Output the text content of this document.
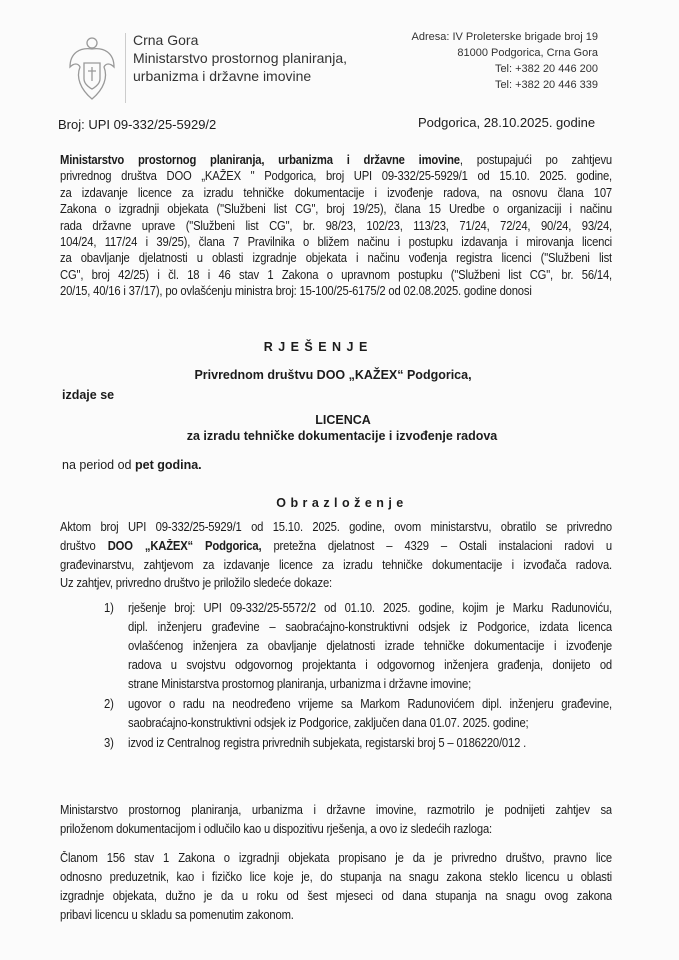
Crna Gora
Ministarstvo prostornog planiranja,
urbanizma i državne imovine
Adresa: IV Proleterske brigade broj 19
81000 Podgorica, Crna Gora
Tel: +382 20 446 200
Tel: +382 20 446 339
Broj: UPI 09-332/25-5929/2	Podgorica, 28.10.2025. godine
Ministarstvo prostornog planiranja, urbanizma i državne imovine, postupajući po zahtjevu
privrednog društva DOO „KAŽEX " Podgorica, broj UPI 09-332/25-5929/1 od 15.10. 2025. godine,
za izdavanje licence za izradu tehničke dokumentacije i izvođenje radova, na osnovu člana 107
Zakona o izgradnji objekata ("Službeni list CG", broj 19/25), člana 15 Uredbe o organizaciji i načinu
rada državne uprave ("Službeni list CG", br. 98/23, 102/23, 113/23, 71/24, 72/24, 90/24, 93/24,
104/24, 117/24 i 39/25), člana 7 Pravilnika o bližem načinu i postupku izdavanja i mirovanja licenci
za obavljanje djelatnosti u oblasti izgradnje objekata i načinu vođenja registra licenci ("Službeni list
CG", broj 42/25) i čl. 18 i 46 stav 1 Zakona o upravnom postupku ("Službeni list CG", br. 56/14,
20/15, 40/16 i 37/17), po ovlašćenju ministra broj: 15-100/25-6175/2 od 02.08.2025. godine donosi
R J E Š E N J E
Privrednom društvu DOO „KAŽEX“ Podgorica,
izdaje se
LICENCA
za izradu tehničke dokumentacije i izvođenje radova
na period od pet godina.
O b r a z l o ž e n j e
Aktom broj UPI 09-332/25-5929/1 od 15.10. 2025. godine, ovom ministarstvu, obratilo se privredno
društvo DOO „KAŽEX“ Podgorica, pretežna djelatnost – 4329 – Ostali instalacioni radovi u
građevinarstvu, zahtjevom za izdavanje licence za izradu tehničke dokumentacije i izvođača radova.
Uz zahtjev, privredno društvo je priložilo sledeće dokaze:
1) rješenje broj: UPI 09-332/25-5572/2 od 01.10. 2025. godine, kojim je Marku Radunoviću,
dipl. inženjeru građevine – saobraćajno-konstruktivni odsjek iz Podgorice, izdata licenca
ovlašćenog inženjera za obavljanje djelatnosti izrade tehničke dokumentacije i izvođenje
radova u svojstvu odgovornog projektanta i odgovornog inženjera građenja, donijeto od
strane Ministarstva prostornog planiranja, urbanizma i državne imovine;
2) ugovor o radu na neodređeno vrijeme sa Markom Radunovićem dipl. inženjeru građevine,
saobraćajno-konstruktivni odsjek iz Podgorice, zaključen dana 01.07. 2025. godine;
3) izvod iz Centralnog registra privrednih subjekata, registarski broj 5 – 0186220/012 .
Ministarstvo prostornog planiranja, urbanizma i državne imovine, razmotrilo je podnijeti zahtjev sa
priloženom dokumentacijom i odlučilo kao u dispozitivu rješenja, a ovo iz sledećih razloga:
Članom 156 stav 1 Zakona o izgradnji objekata propisano je da je privredno društvo, pravno lice
odnosno preduzetnik, kao i fizičko lice koje je, do stupanja na snagu zakona steklo licencu u oblasti
izgradnje objekata, dužno je da u roku od šest mjeseci od dana stupanja na snagu ovog zakona
pribavi licencu u skladu sa pomenutim zakonom.
